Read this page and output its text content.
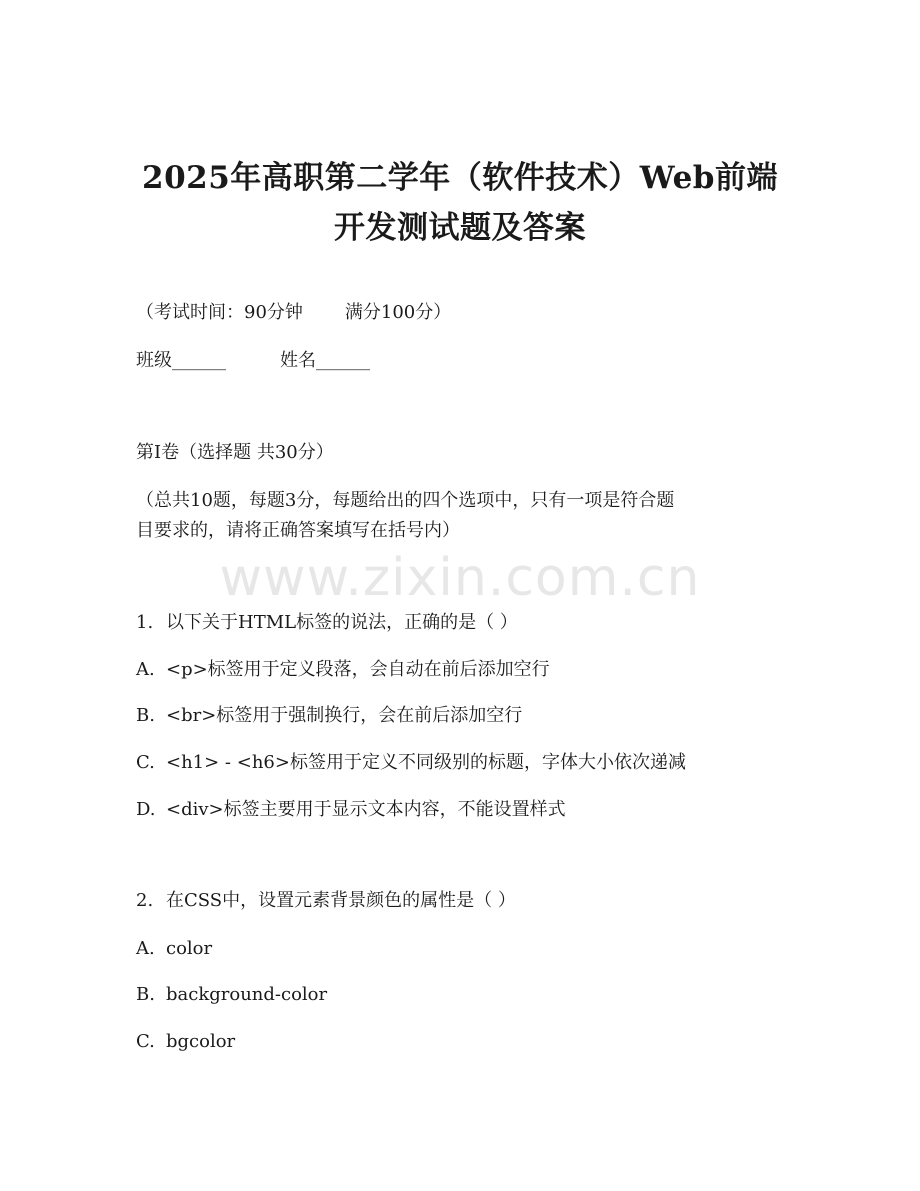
2025年高职第二学年（软件技术）Web前端
开发测试题及答案
（考试时间：90分钟 满分100分）
班级______	姓名______
第I卷（选择题 共30分）
（总共10题，每题3分，每题给出的四个选项中，只有一项是符合题
目要求的，请将正确答案填写在括号内）
www.zixin.com.cn
1. 以下关于HTML标签的说法，正确的是（ ）
A. <p>标签用于定义段落，会自动在前后添加空行
B. <br>标签用于强制换行，会在前后添加空行
C. <h1> - <h6>标签用于定义不同级别的标题，字体大小依次递减
D. <div>标签主要用于显示文本内容，不能设置样式
2. 在CSS中，设置元素背景颜色的属性是（ ）
A. color
B. background-color
C. bgcolor
